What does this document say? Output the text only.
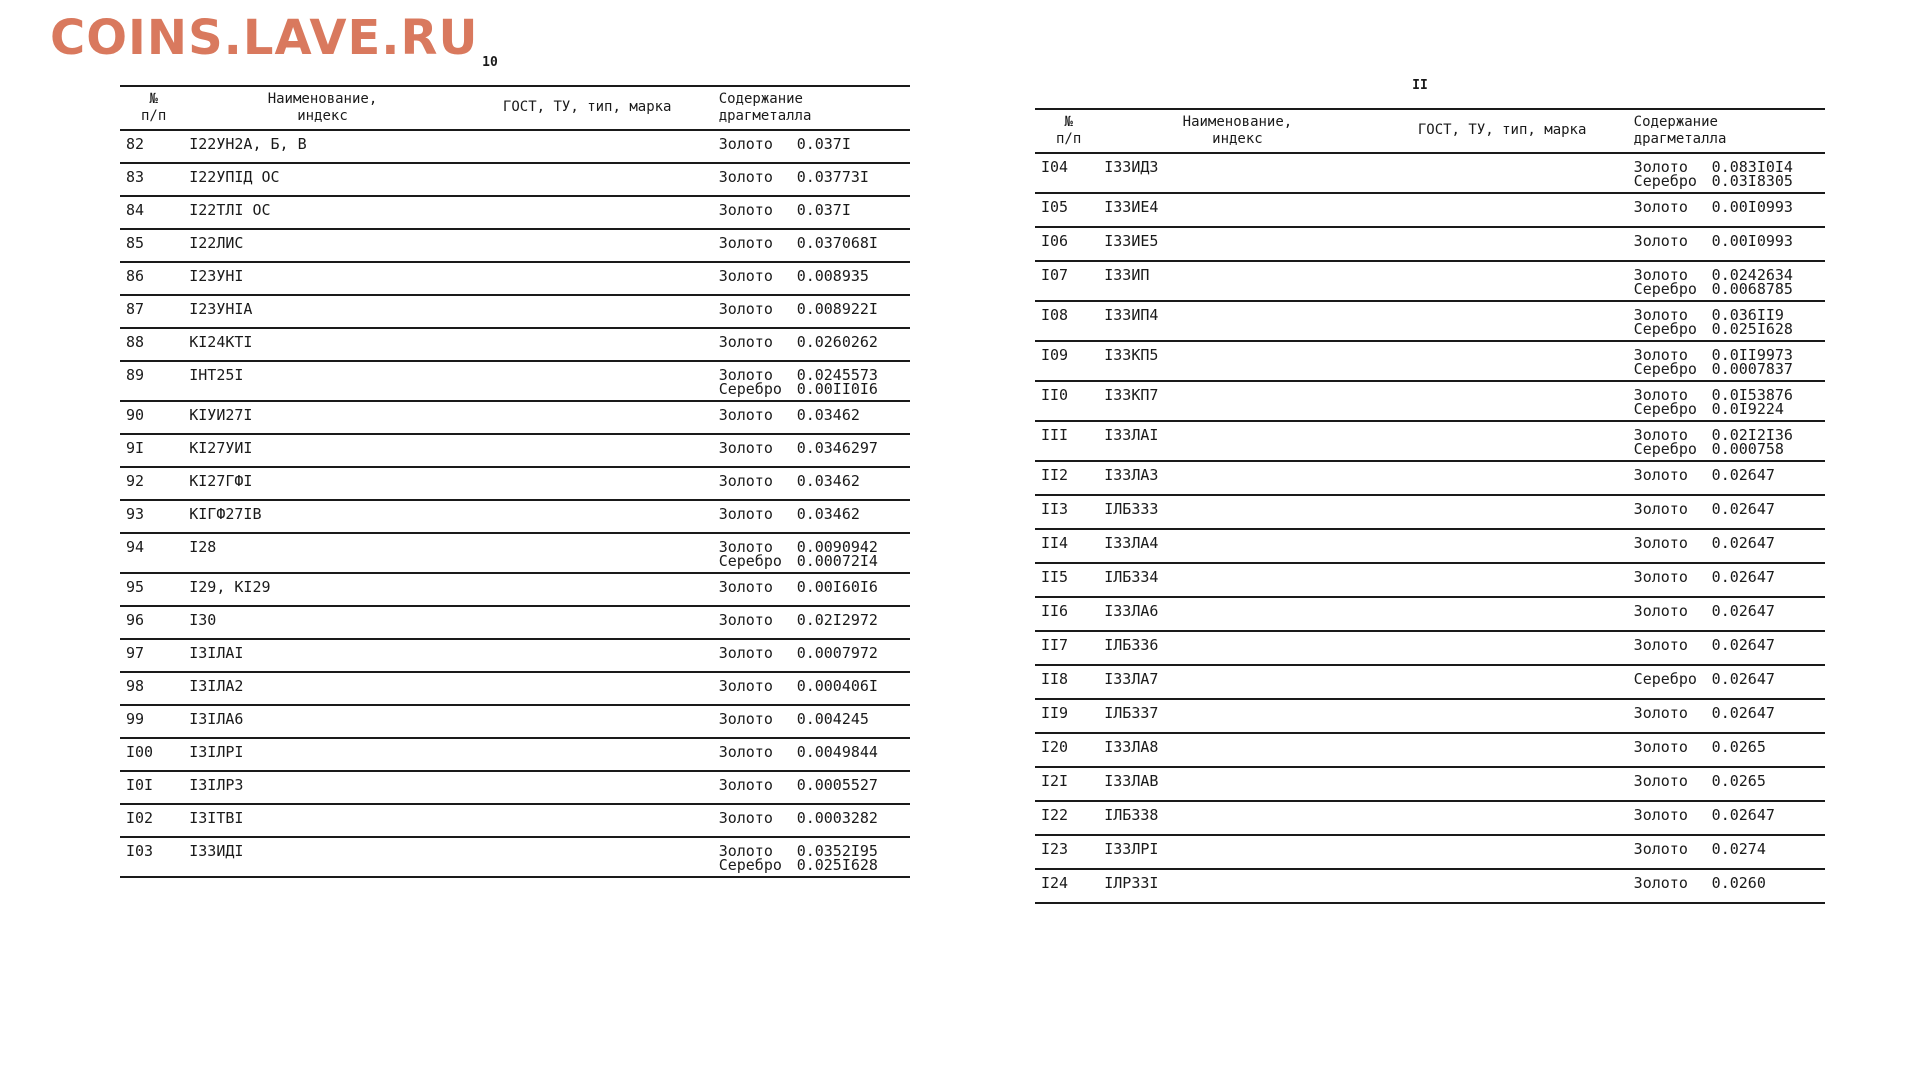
COINS.LAVE.RU 10
№
п/п	Наименование,
индекс	ГОСТ, ТУ, тип, марка	Содержание
драгметалла
82	I22УН2А, Б, В		Золото 0.037I

83	I22УПIД ОС		Золото 0.03773I

84	I22ТЛI ОС		Золото 0.037I

85	I22ЛИС		Золото 0.037068I

86	I23УНI		Золото 0.008935

87	I23УНIА		Золото 0.008922I

88	КI24КТI		Золото 0.0260262

89	IНТ25I		Золото 0.0245573
Серебро 0.00II0I6

90	КIУИ27I		Золото 0.03462

9I	КI27УИI		Золото 0.0346297

92	КI27ГФI		Золото 0.03462

93	КIГФ27IВ		Золото 0.03462

94	I28		Золото 0.0090942
Серебро 0.00072I4

95	I29, КI29		Золото 0.00I60I6

96	I30		Золото 0.02I2972

97	I3IЛАI		Золото 0.0007972

98	I3IЛА2		Золото 0.000406I

99	I3IЛА6		Золото 0.004245

I00	I3IЛРI		Золото 0.0049844

I0I	I3IЛР3		Золото 0.0005527

I02	I3IТВI		Золото 0.0003282

I03	I33ИДI		Золото 0.0352I95
Серебро 0.025I628
II
№
п/п	Наименование,
индекс	ГОСТ, ТУ, тип, марка	Содержание
драгметалла
I04	I33ИД3		Золото 0.083I0I4
Серебро 0.03I8305

I05	I33ИЕ4		Золото 0.00I0993

I06	I33ИЕ5		Золото 0.00I0993

I07	I33ИП		Золото 0.0242634
Серебро 0.0068785

I08	I33ИП4		Золото 0.036II9
Серебро 0.025I628

I09	I33КП5		Золото 0.0II9973
Серебро 0.0007837

II0	I33КП7		Золото 0.0I53876
Серебро 0.0I9224

III	I33ЛАI		Золото 0.02I2I36
Серебро 0.000758

II2	I33ЛА3		Золото 0.02647

II3	IЛБ333		Золото 0.02647

II4	I33ЛА4		Золото 0.02647

II5	IЛБ334		Золото 0.02647

II6	I33ЛА6		Золото 0.02647

II7	IЛБ336		Золото 0.02647

II8	I33ЛА7		Серебро 0.02647

II9	IЛБ337		Золото 0.02647

I20	I33ЛА8		Золото 0.0265

I2I	I33ЛАВ		Золото 0.0265

I22	IЛБ338		Золото 0.02647

I23	I33ЛРI		Золото 0.0274

I24	IЛР33I		Золото 0.0260
